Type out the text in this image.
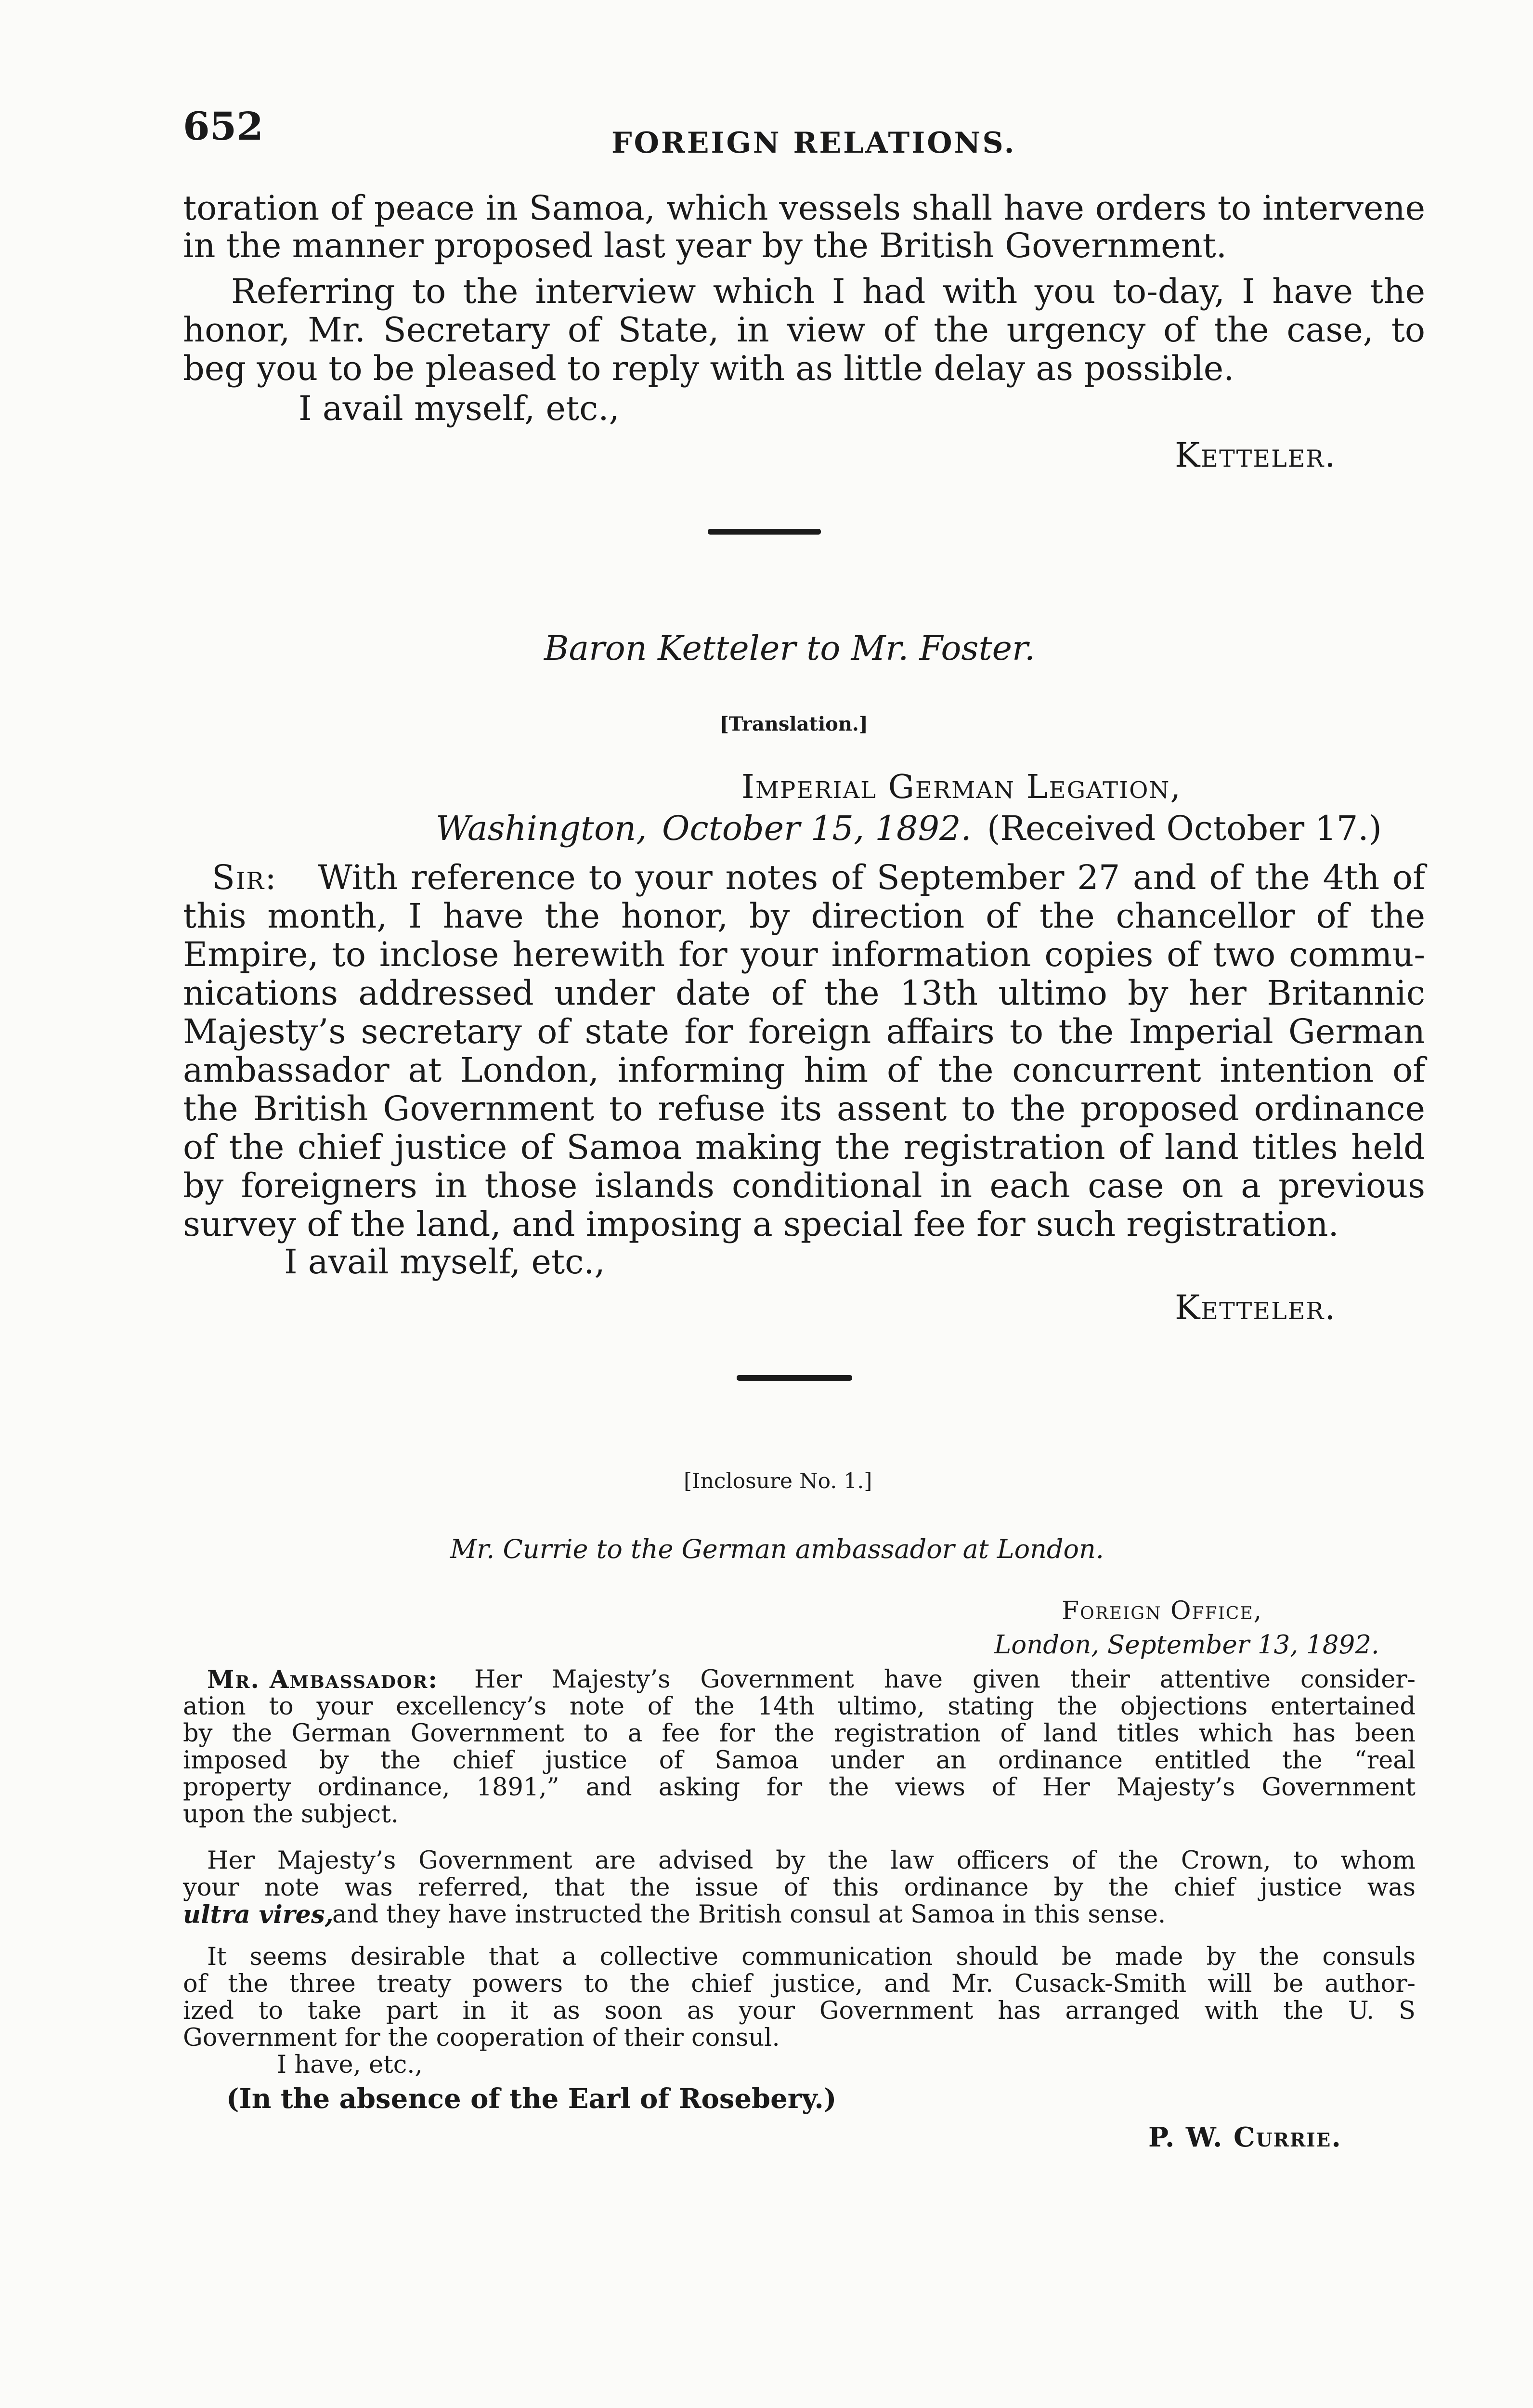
652	FOREIGN RELATIONS.
toration of peace in Samoa, which vessels shall have orders to intervene
in the manner proposed last year by the British Government.
Referring to the interview which I had with you to-day, I have the
honor, Mr. Secretary of State, in view of the urgency of the case, to
beg you to be pleased to reply with as little delay as possible.
I avail myself, etc.,
Ketteler.
Baron Ketteler to Mr. Foster.
[Translation.]
Imperial German Legation,
Washington, October 15, 1892. (Received October 17.)
Sir: With reference to your notes of September 27 and of the 4th of
this month, I have the honor, by direction of the chancellor of the
Empire, to inclose herewith for your information copies of two commu-
nications addressed under date of the 13th ultimo by her Britannic
Majesty’s secretary of state for foreign affairs to the Imperial German
ambassador at London, informing him of the concurrent intention of
the British Government to refuse its assent to the proposed ordinance
of the chief justice of Samoa making the registration of land titles held
by foreigners in those islands conditional in each case on a previous
survey of the land, and imposing a special fee for such registration.
I avail myself, etc.,
Ketteler.
[Inclosure No. 1.]
Mr. Currie to the German ambassador at London.
Foreign Office,
London, September 13, 1892.
Mr. Ambassador: Her Majesty’s Government have given their attentive consider-
ation to your excellency’s note of the 14th ultimo, stating the objections entertained
by the German Government to a fee for the registration of land titles which has been
imposed by the chief justice of Samoa under an ordinance entitled the “real
property ordinance, 1891,” and asking for the views of Her Majesty’s Government
upon the subject.
Her Majesty’s Government are advised by the law officers of the Crown, to whom
your note was referred, that the issue of this ordinance by the chief justice was
ultra vires,
and they have instructed the British consul at Samoa in this sense.
It seems desirable that a collective communication should be made by the consuls
of the three treaty powers to the chief justice, and Mr. Cusack-Smith will be author-
ized to take part in it as soon as your Government has arranged with the U. S
Government for the cooperation of their consul.
I have, etc.,
(In the absence of the Earl of Rosebery.)
P. W. Currie.
